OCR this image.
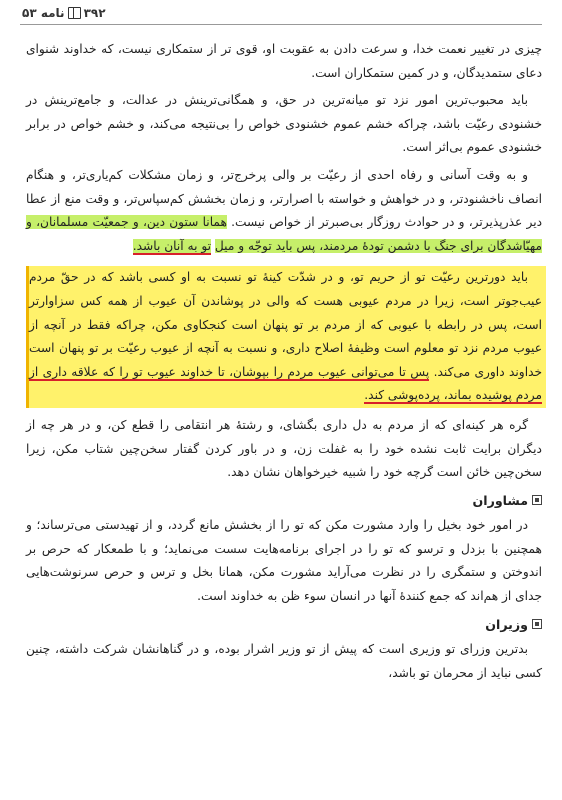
۳۹۲
نامه ۵۳

چیزی در تغییر نعمت خدا، و سرعت دادن به عقوبت او، قوی تر از ستمکاری نیست، که خداوند شنوای دعای ستمدیدگان، و در کمین ستمکاران است.

باید محبوب‌ترین امور نزد تو میانه‌ترین در حق، و همگانی‌ترینش در عدالت، و جامع‌ترینش در خشنودی رعیّت باشد، چراکه خشم عموم خشنودی خواص را بی‌نتیجه می‌کند، و خشم خواص در برابر خشنودی عموم بی‌اثر است.

و به وقت آسانی و رفاه احدی از رعیّت بر والی پرخرج‌تر، و زمان مشکلات کم‌یاری‌تر، و هنگام انصاف ناخشنودتر، و در خواهش و خواسته با اصرارتر، و زمان بخشش کم‌سپاس‌تر، و وقت منع از عطا دیر عذرپذیرتر، و در حوادث روزگار بی‌صبرتر از خواص نیست. همانا ستون دین، و جمعیّت مسلمانان، و مهیّاشدگان برای جنگ با دشمن تودهٔ مردمند، پس باید توجّه و میل تو به آنان باشد.

باید دورترین رعیّت تو از حریم تو، و در شدّت کینهٔ تو نسبت به او کسی باشد که در حقّ مردم عیب‌جوتر است، زیرا در مردم عیوبی هست که والی در پوشاندن آن عیوب از همه کس سزاوارتر است، پس در رابطه با عیوبی که از مردم بر تو پنهان است کنجکاوی مکن، چراکه فقط در آنچه از عیوب مردم نزد تو معلوم است وظیفهٔ اصلاح داری، و نسبت به آنچه از عیوب رعیّت بر تو پنهان است خداوند داوری می‌کند. پس تا می‌توانی عیوب مردم را بپوشان، تا خداوند عیوب تو را که علاقه داری از مردم پوشیده بماند، پرده‌پوشی کند.

گره هر کینه‌ای که از مردم به دل داری بگشای، و رشتهٔ هر انتقامی را قطع کن، و در هر چه از دیگران برایت ثابت نشده خود را به غفلت زن، و در باور کردن گفتار سخن‌چین شتاب مکن، زیرا سخن‌چین خائن است گرچه خود را شبیه خیرخواهان نشان دهد.

مشاوران

در امور خود بخیل را وارد مشورت مکن که تو را از بخشش مانع گردد، و از تهیدستی می‌ترساند؛ و همچنین با بزدل و ترسو که تو را در اجرای برنامه‌هایت سست می‌نماید؛ و با طمعکار که حرص بر اندوختن و ستمگری را در نظرت می‌آراید مشورت مکن، همانا بخل و ترس و حرص سرنوشت‌هایی جدای از هم‌اند که جمع کنندهٔ آنها در انسان سوء ظن به خداوند است.

وزیران

بدترین وزرای تو وزیری است که پیش از تو وزیر اشرار بوده، و در گناهانشان شرکت داشته، چنین کسی نباید از محرمان تو باشد،
